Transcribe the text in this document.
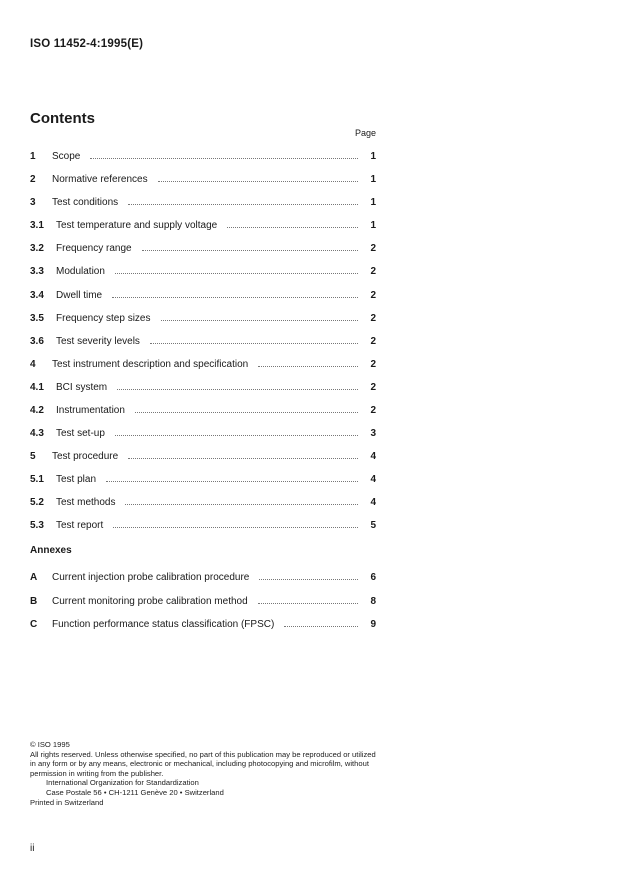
ISO 11452-4:1995(E)
Contents
Page
1	Scope	1
2	Normative references	1
3	Test conditions	1
3.1	Test temperature and supply voltage	1
3.2	Frequency range	2
3.3	Modulation	2
3.4	Dwell time	2
3.5	Frequency step sizes	2
3.6	Test severity levels	2
4	Test instrument description and specification	2
4.1	BCI system	2
4.2	Instrumentation	2
4.3	Test set-up	3
5	Test procedure	4
5.1	Test plan	4
5.2	Test methods	4
5.3	Test report	5
Annexes
A	Current injection probe calibration procedure	6
B	Current monitoring probe calibration method	8
C	Function performance status classification (FPSC)	9
© ISO 1995
All rights reserved. Unless otherwise specified, no part of this publication may be reproduced or utilized in any form or by any means, electronic or mechanical, including photocopying and microfilm, without permission in writing from the publisher.
International Organization for Standardization
Case Postale 56 • CH-1211 Genève 20 • Switzerland
Printed in Switzerland
ii
